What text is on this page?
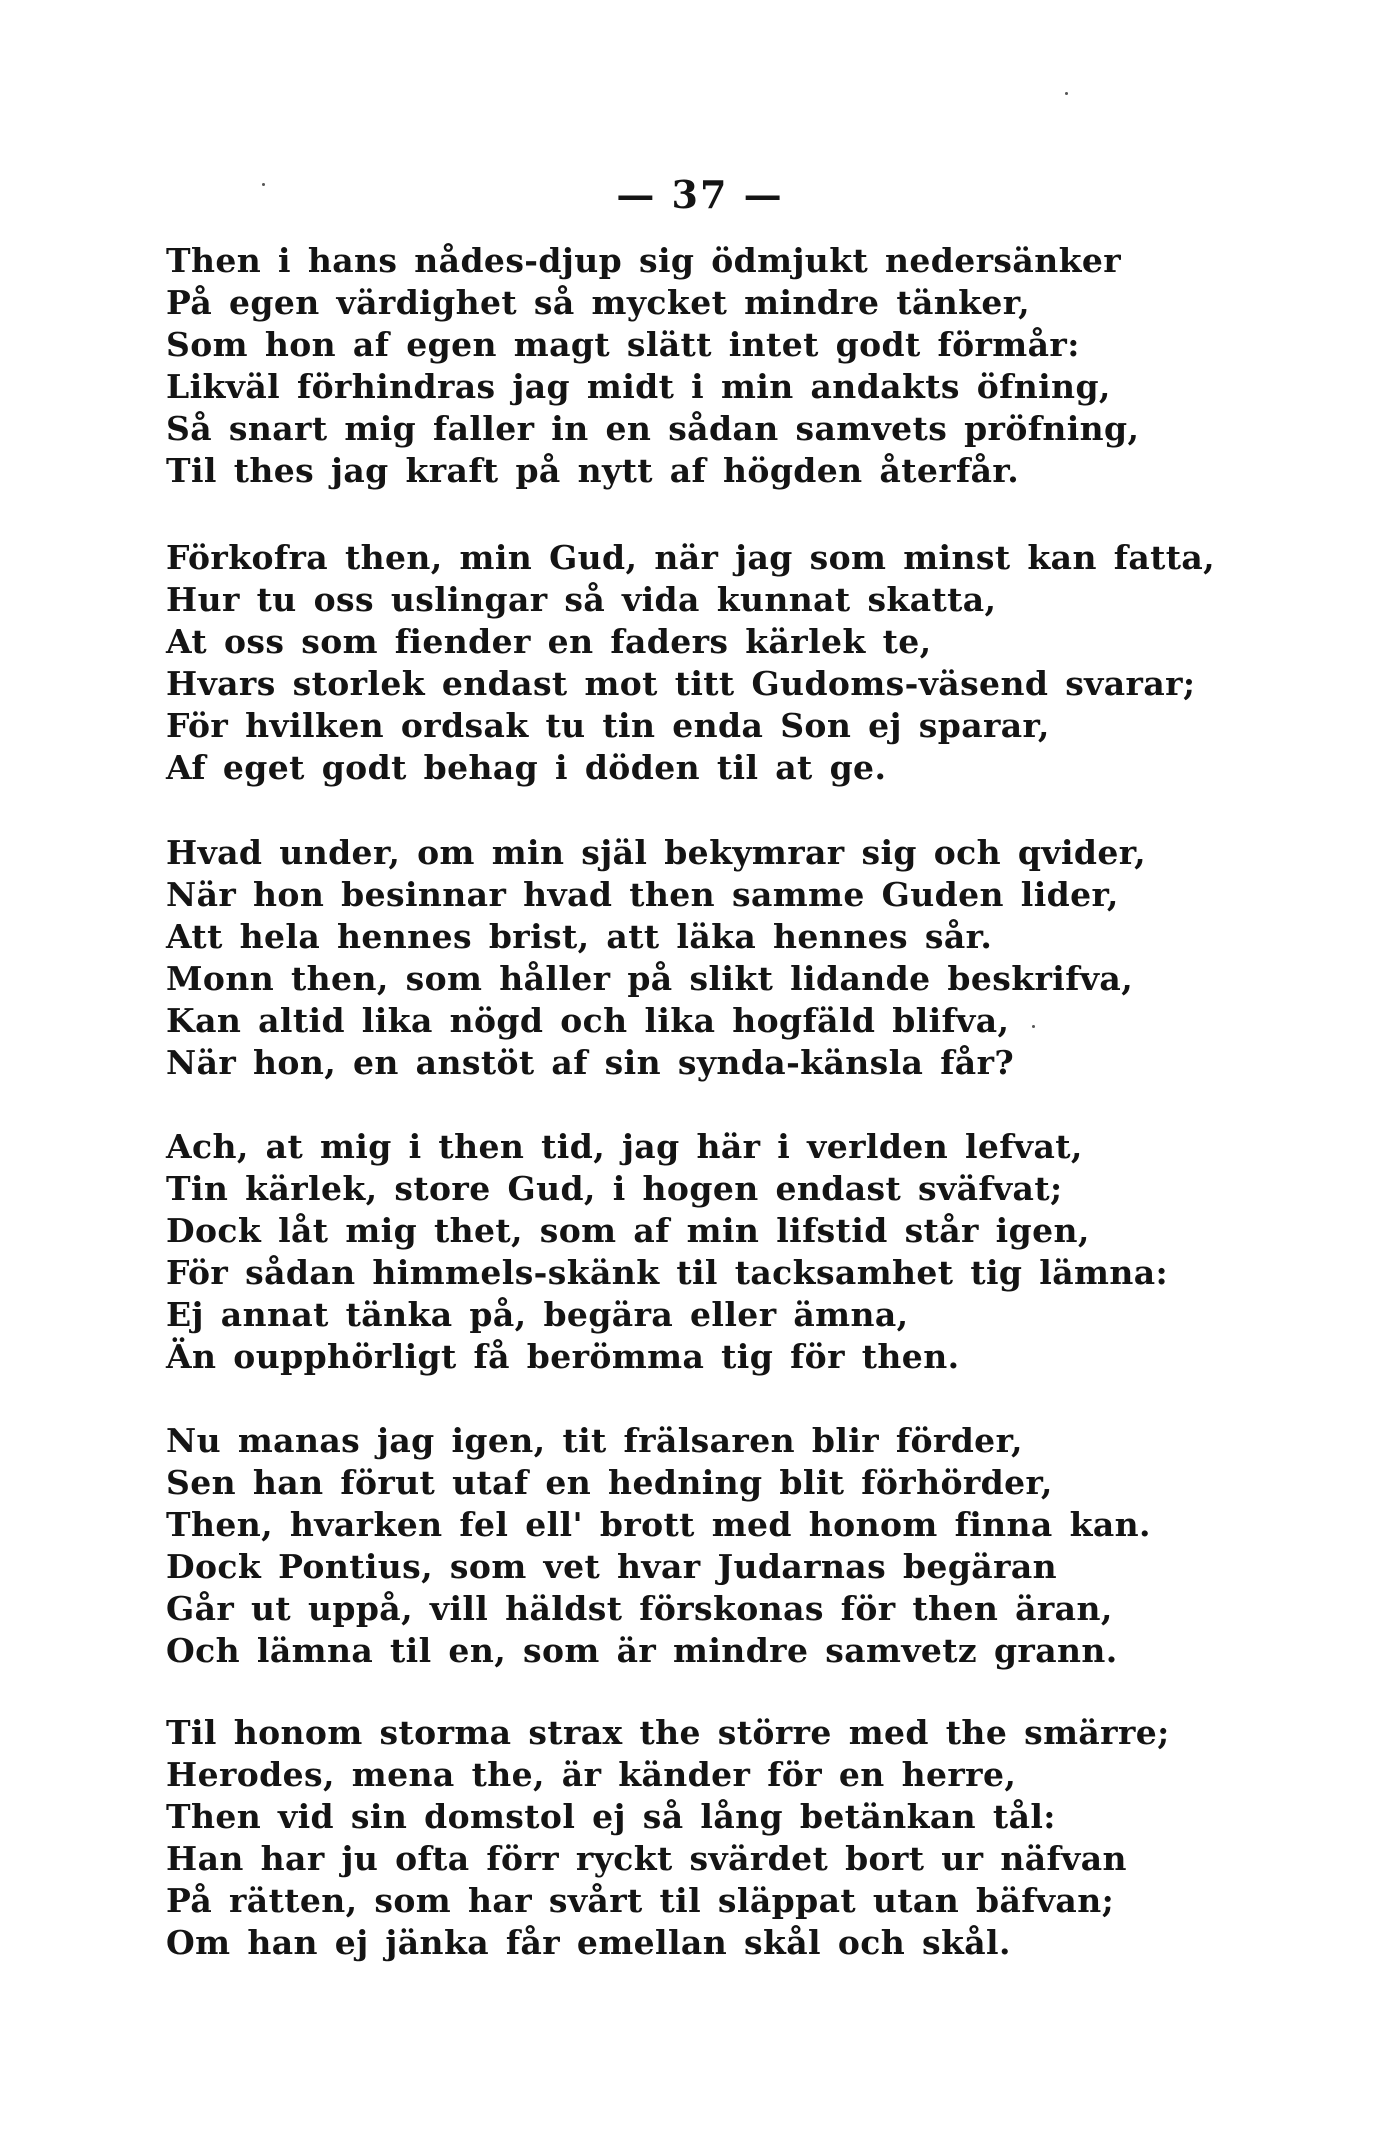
— 37 —
Then i hans nådes-djup sig ödmjukt nedersänker
På egen värdighet så mycket mindre tänker,
Som hon af egen magt slätt intet godt förmår:
Likväl förhindras jag midt i min andakts öfning,
Så snart mig faller in en sådan samvets pröfning,
Til thes jag kraft på nytt af högden återfår.
Förkofra then, min Gud, när jag som minst kan fatta,
Hur tu oss uslingar så vida kunnat skatta,
At oss som fiender en faders kärlek te,
Hvars storlek endast mot titt Gudoms-väsend svarar;
För hvilken ordsak tu tin enda Son ej sparar,
Af eget godt behag i döden til at ge.
Hvad under, om min själ bekymrar sig och qvider,
När hon besinnar hvad then samme Guden lider,
Att hela hennes brist, att läka hennes sår.
Monn then, som håller på slikt lidande beskrifva,
Kan altid lika nögd och lika hogfäld blifva,
När hon, en anstöt af sin synda-känsla får?
Ach, at mig i then tid, jag här i verlden lefvat,
Tin kärlek, store Gud, i hogen endast sväfvat;
Dock låt mig thet, som af min lifstid står igen,
För sådan himmels-skänk til tacksamhet tig lämna:
Ej annat tänka på, begära eller ämna,
Än oupphörligt få berömma tig för then.
Nu manas jag igen, tit frälsaren blir förder,
Sen han förut utaf en hedning blit förhörder,
Then, hvarken fel ell' brott med honom finna kan.
Dock Pontius, som vet hvar Judarnas begäran
Går ut uppå, vill häldst förskonas för then äran,
Och lämna til en, som är mindre samvetz grann.
Til honom storma strax the större med the smärre;
Herodes, mena the, är känder för en herre,
Then vid sin domstol ej så lång betänkan tål:
Han har ju ofta förr ryckt svärdet bort ur näfvan
På rätten, som har svårt til släppat utan bäfvan;
Om han ej jänka får emellan skål och skål.
